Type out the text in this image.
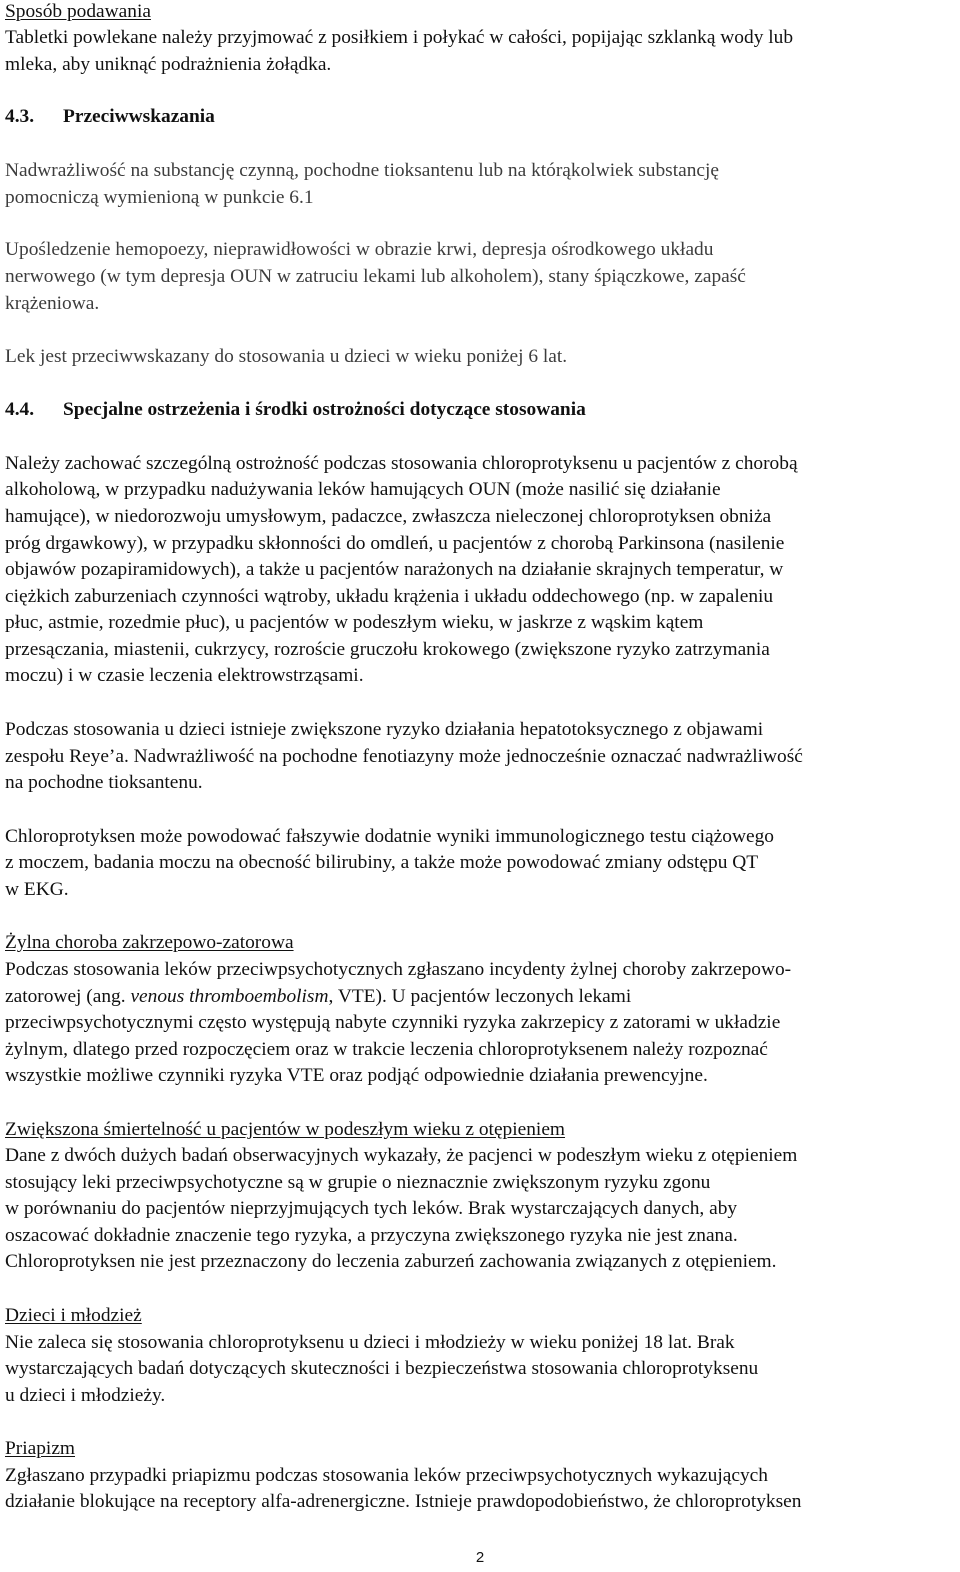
Sposób podawania
Tabletki powlekane należy przyjmować z posiłkiem i połykać w całości, popijając szklanką wody lub
mleka, aby uniknąć podrażnienia żołądka.
4.3. Przeciwwskazania
Nadwrażliwość na substancję czynną, pochodne tioksantenu lub na którąkolwiek substancję
pomocniczą wymienioną w punkcie 6.1
Upośledzenie hemopoezy, nieprawidłowości w obrazie krwi, depresja ośrodkowego układu
nerwowego (w tym depresja OUN w zatruciu lekami lub alkoholem), stany śpiączkowe, zapaść
krążeniowa.
Lek jest przeciwwskazany do stosowania u dzieci w wieku poniżej 6 lat.
4.4. Specjalne ostrzeżenia i środki ostrożności dotyczące stosowania
Należy zachować szczególną ostrożność podczas stosowania chloroprotyksenu u pacjentów z chorobą
alkoholową, w przypadku nadużywania leków hamujących OUN (może nasilić się działanie
hamujące), w niedorozwoju umysłowym, padaczce, zwłaszcza nieleczonej chloroprotyksen obniża
próg drgawkowy), w przypadku skłonności do omdleń, u pacjentów z chorobą Parkinsona (nasilenie
objawów pozapiramidowych), a także u pacjentów narażonych na działanie skrajnych temperatur, w
ciężkich zaburzeniach czynności wątroby, układu krążenia i układu oddechowego (np. w zapaleniu
płuc, astmie, rozedmie płuc), u pacjentów w podeszłym wieku, w jaskrze z wąskim kątem
przesączania, miastenii, cukrzycy, rozroście gruczołu krokowego (zwiększone ryzyko zatrzymania
moczu) i w czasie leczenia elektrowstrząsami.
Podczas stosowania u dzieci istnieje zwiększone ryzyko działania hepatotoksycznego z objawami
zespołu Reye’a. Nadwrażliwość na pochodne fenotiazyny może jednocześnie oznaczać nadwrażliwość
na pochodne tioksantenu.
Chloroprotyksen może powodować fałszywie dodatnie wyniki immunologicznego testu ciążowego
z moczem, badania moczu na obecność bilirubiny, a także może powodować zmiany odstępu QT
w EKG.
Żylna choroba zakrzepowo-zatorowa
Podczas stosowania leków przeciwpsychotycznych zgłaszano incydenty żylnej choroby zakrzepowo-
zatorowej (ang. venous thromboembolism, VTE). U pacjentów leczonych lekami
przeciwpsychotycznymi często występują nabyte czynniki ryzyka zakrzepicy z zatorami w układzie
żylnym, dlatego przed rozpoczęciem oraz w trakcie leczenia chloroprotyksenem należy rozpoznać
wszystkie możliwe czynniki ryzyka VTE oraz podjąć odpowiednie działania prewencyjne.
Zwiększona śmiertelność u pacjentów w podeszłym wieku z otępieniem
Dane z dwóch dużych badań obserwacyjnych wykazały, że pacjenci w podeszłym wieku z otępieniem
stosujący leki przeciwpsychotyczne są w grupie o nieznacznie zwiększonym ryzyku zgonu
w porównaniu do pacjentów nieprzyjmujących tych leków. Brak wystarczających danych, aby
oszacować dokładnie znaczenie tego ryzyka, a przyczyna zwiększonego ryzyka nie jest znana.
Chloroprotyksen nie jest przeznaczony do leczenia zaburzeń zachowania związanych z otępieniem.
Dzieci i młodzież
Nie zaleca się stosowania chloroprotyksenu u dzieci i młodzieży w wieku poniżej 18 lat. Brak
wystarczających badań dotyczących skuteczności i bezpieczeństwa stosowania chloroprotyksenu
u dzieci i młodzieży.
Priapizm
Zgłaszano przypadki priapizmu podczas stosowania leków przeciwpsychotycznych wykazujących
działanie blokujące na receptory alfa-adrenergiczne. Istnieje prawdopodobieństwo, że chloroprotyksen
2
